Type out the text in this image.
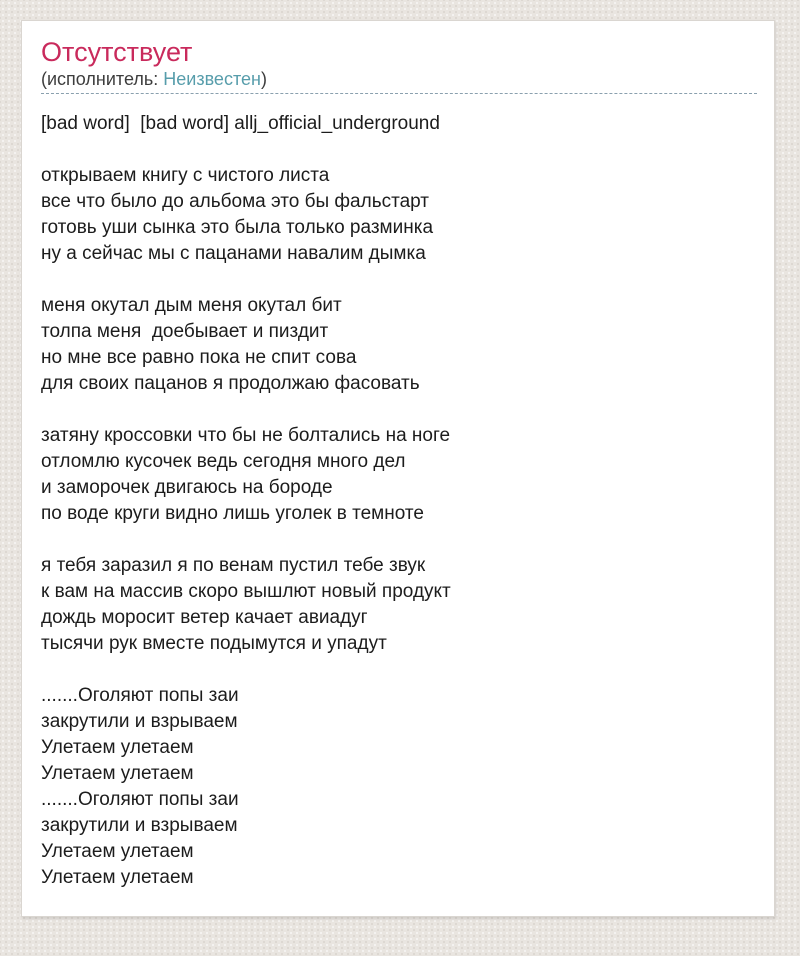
Отсутствует
(исполнитель: Неизвестен)
[bad word]  [bad word] allj_official_underground
открываем книгу с чистого листа
все что было до альбома это бы фальстарт
готовь уши сынка это была только разминка
ну а сейчас мы с пацанами навалим дымка
меня окутал дым меня окутал бит
толпа меня  доебывает и пиздит
но мне все равно пока не спит сова
для своих пацанов я продолжаю фасовать
затяну кроссовки что бы не болтались на ноге
отломлю кусочек ведь сегодня много дел
и заморочек двигаюсь на бороде
по воде круги видно лишь уголек в темноте
я тебя заразил я по венам пустил тебе звук
к вам на массив скоро вышлют новый продукт
дождь моросит ветер качает авиадуг
тысячи рук вместе подымутся и упадут
.......Оголяют попы заи
закрутили и взрываем
Улетаем улетаем
Улетаем улетаем
.......Оголяют попы заи
закрутили и взрываем
Улетаем улетаем
Улетаем улетаем
